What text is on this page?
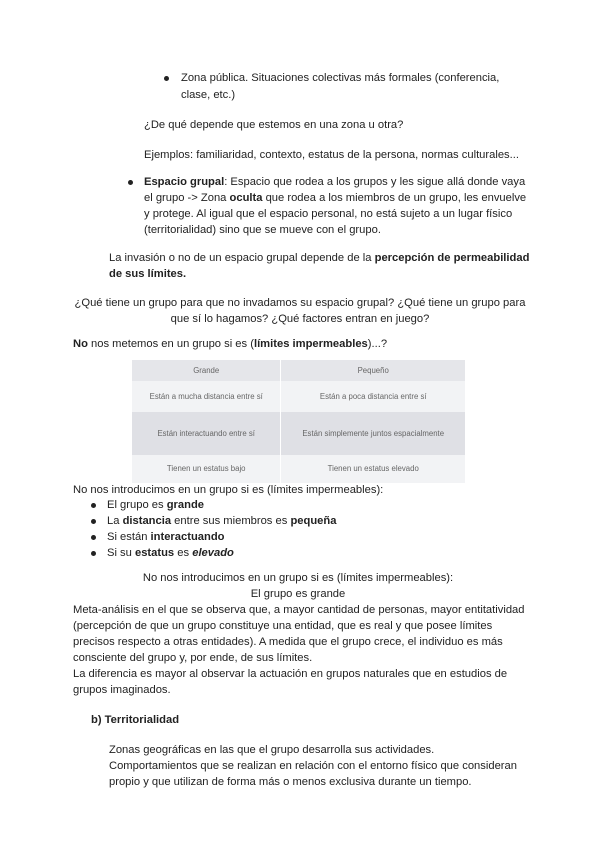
Zona pública. Situaciones colectivas más formales (conferencia,
clase, etc.)
¿De qué depende que estemos en una zona u otra?
Ejemplos: familiaridad, contexto, estatus de la persona, normas culturales...
Espacio grupal: Espacio que rodea a los grupos y les sigue allá donde vaya
el grupo -> Zona oculta que rodea a los miembros de un grupo, les envuelve
y protege. Al igual que el espacio personal, no está sujeto a un lugar físico
(territorialidad) sino que se mueve con el grupo.
La invasión o no de un espacio grupal depende de la percepción de permeabilidad
de sus límites.
¿Qué tiene un grupo para que no invadamos su espacio grupal? ¿Qué tiene un grupo para
que sí lo hagamos? ¿Qué factores entran en juego?
No nos metemos en un grupo si es (límites impermeables)...?
Grande	Pequeño
Están a mucha distancia entre sí	Están a poca distancia entre sí
Están interactuando entre sí	Están simplemente juntos espacialmente
Tienen un estatus bajo	Tienen un estatus elevado
No nos introducimos en un grupo si es (límites impermeables):
El grupo es grande
La distancia entre sus miembros es pequeña
Si están interactuando
Si su estatus es elevado
No nos introducimos en un grupo si es (límites impermeables):
El grupo es grande
Meta-análisis en el que se observa que, a mayor cantidad de personas, mayor entitatividad
(percepción de que un grupo constituye una entidad, que es real y que posee límites
precisos respecto a otras entidades). A medida que el grupo crece, el individuo es más
consciente del grupo y, por ende, de sus límites.
La diferencia es mayor al observar la actuación en grupos naturales que en estudios de
grupos imaginados.
b) Territorialidad
Zonas geográficas en las que el grupo desarrolla sus actividades.
Comportamientos que se realizan en relación con el entorno físico que consideran
propio y que utilizan de forma más o menos exclusiva durante un tiempo.
